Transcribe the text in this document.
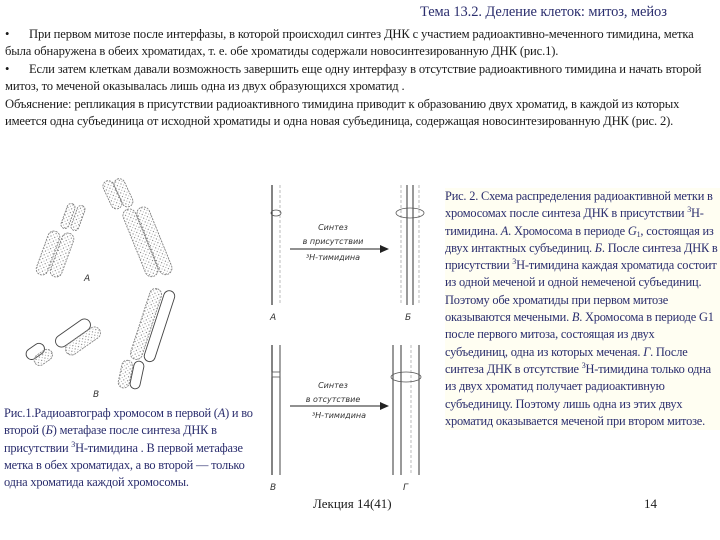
Тема 13.2. Деление клеток: митоз, мейоз

• При первом митозе после интерфазы, в которой происходил синтез ДНК с участием радиоактивно-меченного тимидина, метка была обнаружена в обеих хроматидах, т. е. обе хроматиды содержали новосинтезированную ДНК (рис.1).

• Если затем клеткам давали возможность завершить еще одну интерфазу в отсутствие радиоактивного тимидина и начать второй митоз, то меченой оказывалась лишь одна из двух образующихся хроматид .

Объяснение: репликация в присутствии радиоактивного тимидина приводит к образованию двух хроматид, в каждой из которых имеется одна субъединица от исходной хроматиды и одна новая субъединица, содержащая новосинтезированную ДНК (рис. 2).

А
В
Рис.1.Радиоавтограф хромосом в первой (А) и во второй (Б) метафазе после синтеза ДНК в присутствии $^3$Н-тимидина . В первой метафазе метка в обех хроматидах, а во второй — только одна хроматида каждой хромосомы.
Синтез
в присутствии
³Н-тимидина
А	Б
Синтез
в отсутствие
³Н-тимидина
В	Г
Рис. 2. Схема распределения радиоактивной метки в хромосомах после синтеза ДНК в присутствии $^3$Н-тимидина. А. Хромосома в периоде $G_1$, состоящая из двух интактных субъединиц. Б. После синтеза ДНК в присутствии $^3$Н-тимидина каждая хроматида состоит из одной меченой и одной немеченой субъединиц. Поэтому обе хроматиды при первом митозе оказываются мечеными. В. Хромосома в периоде G1 после первого митоза, состоящая из двух субъединиц, одна из которых меченая. Г. После синтеза ДНК в отсутствие $^3$Н-тимидина только одна из двух хроматид получает радиоактивную субъединицу. Поэтому лишь одна из этих двух хроматид оказывается меченой при втором митозе.
Лекция 14(41)	14
